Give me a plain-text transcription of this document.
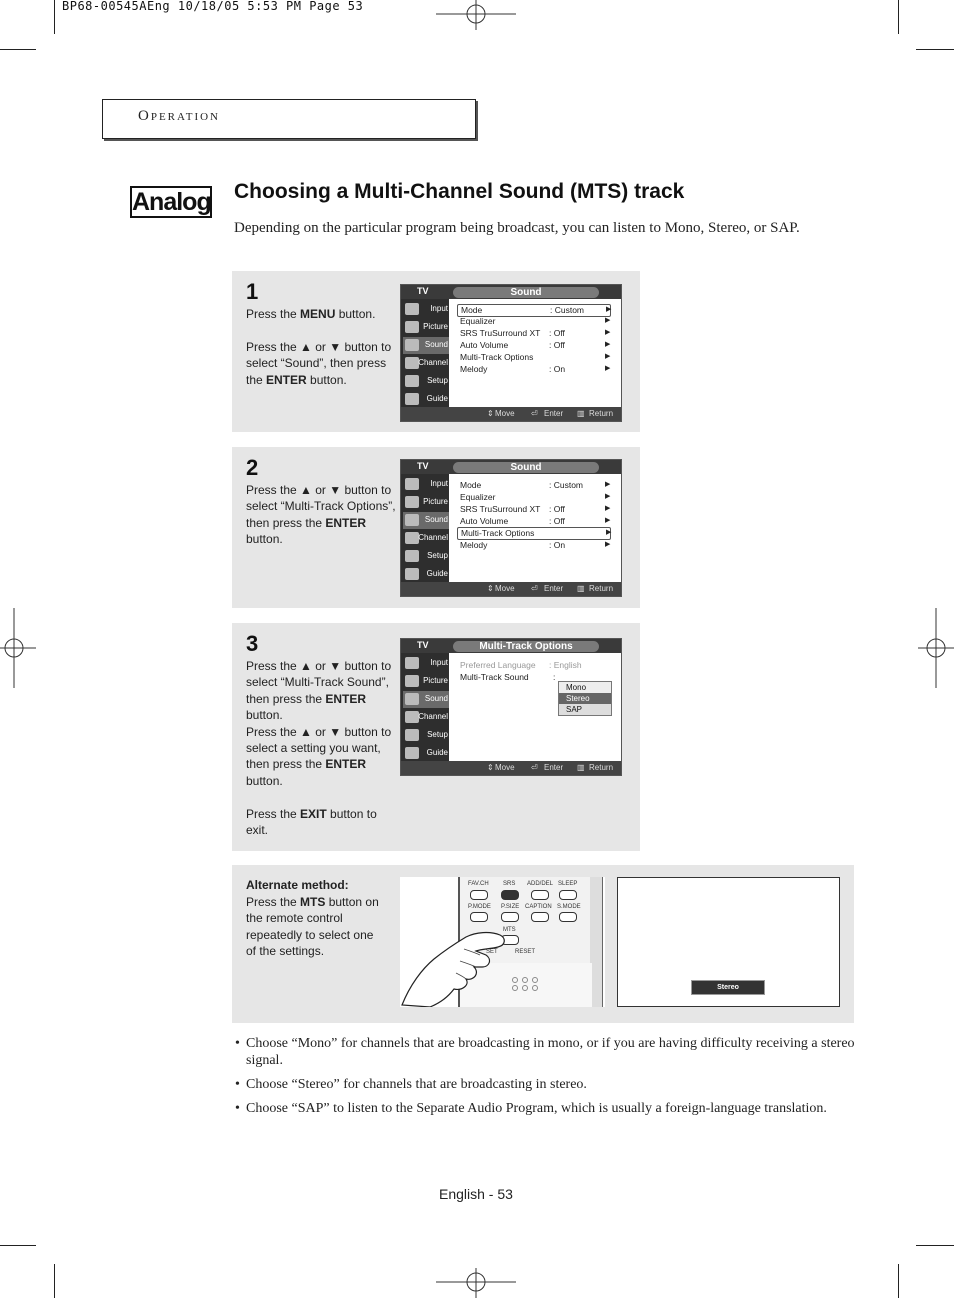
BP68-00545AEng 10/18/05 5:53 PM Page 53
Operation
Analog Choosing a Multi-Channel Sound (MTS) track
Depending on the particular program being broadcast, you can listen to Mono, Stereo, or SAP.
1
Press the MENU button.

Press the ▲ or ▼ button to select “Sound”, then press the ENTER button.
TV	Sound
Input
Picture
Sound
Channel
Setup
Guide
Mode	: Custom	▶
Equalizer	▶
SRS TruSurround XT : Off	▶
Auto Volume	: Off	▶
Multi-Track Options	▶
Melody	: On	▶
⇕ Move ⏎ Enter ▥ Return
2
Press the ▲ or ▼ button to select “Multi-Track Options”, then press the ENTER button.
TV	Sound
Input
Picture
Sound
Channel
Setup
Guide
Mode	: Custom	▶
Equalizer	▶
SRS TruSurround XT : Off	▶
Auto Volume	: Off	▶
Multi-Track Options	▶
Melody	: On	▶
⇕ Move ⏎ Enter ▥ Return
3
Press the ▲ or ▼ button to select “Multi-Track Sound”, then press the ENTER button.
Press the ▲ or ▼ button to select a setting you want, then press the ENTER button.

Press the EXIT button to exit.
TV	Multi-Track Options
Input
Picture
Sound
Channel
Setup
Guide
Preferred Language : English
Multi-Track Sound	:
Mono
Stereo
SAP
⇕ Move ⏎ Enter ▥ Return
Alternate method:
Press the MTS button on the remote control repeatedly to select one of the settings.
FAV.CH SRS ADD/DEL SLEEP
P.MODE P.SIZE CAPTION S.MODE
MTS
SET	RESET
Stereo
• Choose “Mono” for channels that are broadcasting in mono, or if you are having difficulty receiving a stereo signal.
• Choose “Stereo” for channels that are broadcasting in stereo.
• Choose “SAP” to listen to the Separate Audio Program, which is usually a foreign-language translation.
English - 53
